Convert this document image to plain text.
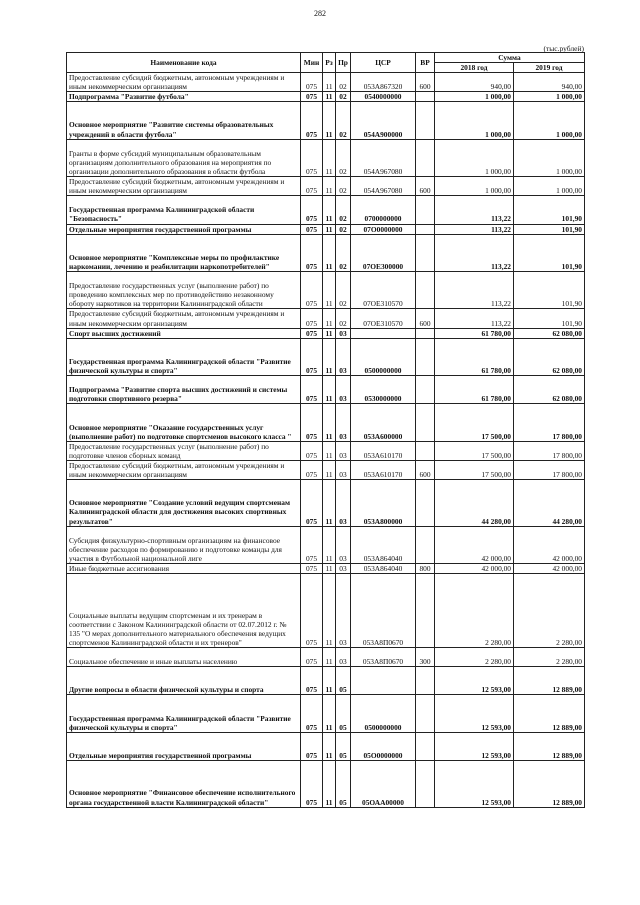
282
(тыс.рублей)
Наименование кода	Мин	Рз	Пр	ЦСР	ВР	Сумма	
						2018 год	2019 год
Предоставление субсидий бюджетным, автономным учреждениям и иным некоммерческим организациям	075	11	02	053А867320	600	940,00	940,00
Подпрограмма "Развитие футбола"	075	11	02	0540000000		1 000,00	1 000,00
Основное мероприятие "Развитие системы образовательных учреждений в области футбола"	075	11	02	054А900000		1 000,00	1 000,00
Гранты в форме субсидий муниципальным образовательным организациям дополнительного образования на мероприятия по организации дополнительного образования в области футбола	075	11	02	054А967080		1 000,00	1 000,00
Предоставление субсидий бюджетным, автономным учреждениям и иным некоммерческим организациям	075	11	02	054А967080	600	1 000,00	1 000,00
Государственная программа Калининградской области "Безопасность"	075	11	02	0700000000		113,22	101,90
Отдельные мероприятия государственной программы	075	11	02	07О0000000		113,22	101,90
Основное мероприятие "Комплексные меры по профилактике наркомании, лечению и реабилитации наркопотребителей"	075	11	02	07ОЕ300000		113,22	101,90
Предоставление государственных услуг (выполнение работ) по проведению комплексных мер по противодействию незаконному обороту наркотиков на территории Калининградской области	075	11	02	07ОЕ310570		113,22	101,90
Предоставление субсидий бюджетным, автономным учреждениям и иным некоммерческим организациям	075	11	02	07ОЕ310570	600	113,22	101,90
Спорт высших достижений	075	11	03			61 780,00	62 080,00
Государственная программа Калининградской области "Развитие физической культуры и спорта"	075	11	03	0500000000		61 780,00	62 080,00
Подпрограмма "Развитие спорта высших достижений и системы подготовки спортивного резерва"	075	11	03	0530000000		61 780,00	62 080,00
Основное мероприятие "Оказание государственных услуг (выполнение работ) по подготовке спортсменов высокого класса "	075	11	03	053А600000		17 500,00	17 800,00
Предоставление государственных услуг (выполнение работ) по подготовке членов сборных команд	075	11	03	053А610170		17 500,00	17 800,00
Предоставление субсидий бюджетным, автономным учреждениям и иным некоммерческим организациям	075	11	03	053А610170	600	17 500,00	17 800,00
Основное мероприятие "Создание условий ведущим спортсменам Калининградской области для достижения высоких спортивных результатов"	075	11	03	053А800000		44 280,00	44 280,00
Субсидия физкультурно-спортивным организациям на финансовое обеспечение расходов по формированию и подготовке команды для участия в Футбольной национальной лиге	075	11	03	053А864040		42 000,00	42 000,00
Иные бюджетные ассигнования	075	11	03	053А864040	800	42 000,00	42 000,00
Социальные выплаты ведущим спортсменам и их тренерам в соответствии с Законом Калининградской области от 02.07.2012 г. № 135 "О мерах дополнительного материального обеспечения ведущих спортсменов Калининградской области и их тренеров"	075	11	03	053А8П0670		2 280,00	2 280,00
Социальное обеспечение и иные выплаты населению	075	11	03	053А8П0670	300	2 280,00	2 280,00
Другие вопросы в области физической культуры и спорта	075	11	05			12 593,00	12 889,00
Государственная программа Калининградской области "Развитие физической культуры и спорта"	075	11	05	0500000000		12 593,00	12 889,00
Отдельные мероприятия государственной программы	075	11	05	05О0000000		12 593,00	12 889,00
Основное мероприятие "Финансовое обеспечение исполнительного органа государственной власти Калининградской области"	075	11	05	05ОАА00000		12 593,00	12 889,00
